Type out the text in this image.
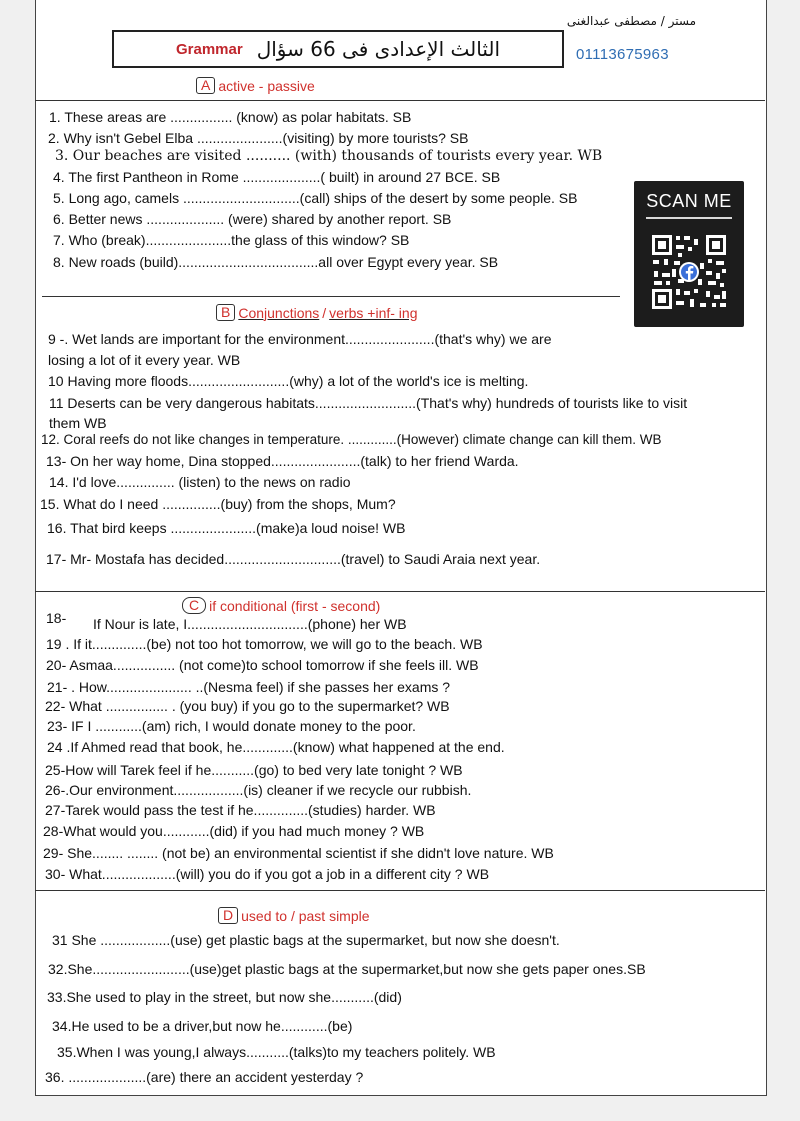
مستر / مصطفى عبدالغنى
Grammar الثالث الإعدادى فى 66 سؤال	01113675963
A active - passive
B Conjunctions / verbs +inf- ing
C if conditional (first - second)
D used to / past simple
SCAN ME
1. These areas are ................ (know) as polar habitats. SB
2. Why isn't Gebel Elba ......................(visiting) by more tourists? SB
3. Our beaches are visited .......... (with) thousands of tourists every year. WB
4. The first Pantheon in Rome ....................( built) in around 27 BCE. SB
5. Long ago, camels ..............................(call) ships of the desert by some people. SB
6. Better news .................... (were) shared by another report. SB
7. Who (break)......................the glass of this window? SB
8. New roads (build)....................................all over Egypt every year. SB
9 -. Wet lands are important for the environment.......................(that's why) we are
losing a lot of it every year. WB
10 Having more floods..........................(why) a lot of the world's ice is melting.
11 Deserts can be very dangerous habitats..........................(That's why) hundreds of tourists like to visit
them WB
12. Coral reefs do not like changes in temperature. .............(However) climate change can kill them. WB
13- On her way home, Dina stopped.......................(talk) to her friend Warda.
14. I'd love............... (listen) to the news on radio
15. What do I need ...............(buy) from the shops, Mum?
16. That bird keeps ......................(make)a loud noise! WB
17- Mr- Mostafa has decided..............................(travel) to Saudi Araia next year.
18- If Nour is late, I...............................(phone) her WB
19 . If it..............(be) not too hot tomorrow, we will go to the beach. WB
20- Asmaa................ (not come)to school tomorrow if she feels ill. WB
21- . How...................... ..(Nesma feel) if she passes her exams ?
22- What ................ . (you buy) if you go to the supermarket? WB
23- IF I ............(am) rich, I would donate money to the poor.
24 .If Ahmed read that book, he.............(know) what happened at the end.
25-How will Tarek feel if he...........(go) to bed very late tonight ? WB
26-.Our environment..................(is) cleaner if we recycle our rubbish.
27-Tarek would pass the test if he..............(studies) harder. WB
28-What would you............(did) if you had much money ? WB
29- She........ ........ (not be) an environmental scientist if she didn't love nature. WB
30- What...................(will) you do if you got a job in a different city ? WB
31 She ..................(use) get plastic bags at the supermarket, but now she doesn't.
32.She.........................(use)get plastic bags at the supermarket,but now she gets paper ones.SB
33.She used to play in the street, but now she...........(did)
34.He used to be a driver,but now he............(be)
35.When I was young,I always...........(talks)to my teachers politely. WB
36. ....................(are) there an accident yesterday ?
